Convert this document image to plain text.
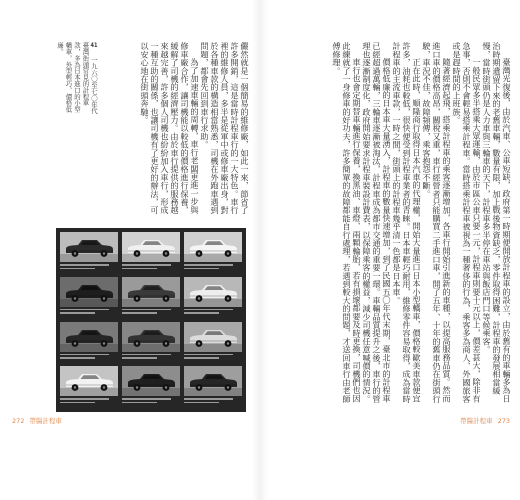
41 一九六〇至七〇年代臺灣街頭常見的計程車款，多為日本進口的小型轎車，外型輕巧，價格低廉。	儼然就是一個簡易的維修廠，如此一來，節省了許多開銷，這是當時計程車行的一大特色。車行裡的維修人員，多半是從軍中或修車廠出身，對於各種車款的構造相當熟悉，司機在外跑車遇到問題，都會先回到車行求助。

為了加速車輛的周轉，車行老闆更進一步與修車廠合作，讓司機能以較低的價格進行保養，緩解了司機的經濟壓力。由於車行提供的服務越來越完善，許多個人司機也紛紛加入車行，形成一種互助的關係，也讓司機有了更好的辦法，可以安心地在街頭奔馳。

272 帶醫計程車

臺灣光復後，由於汽車、公車短缺，政府第一時期便開放計程車的設立，由於舊有的車輛多為日治時期遺留下來的老舊車輛，數量有限，加上戰後物資缺乏，零件取得困難，計程車的發展相當緩慢，當時街頭仍是人力車與三輪車的天下，計程車多半停在車站與飯店門口等候乘客。

一般民眾多半搭乘大眾運輸，由於市區公車只要一元，計程車則要十元以上，價差甚大，除非有急事，否則不會輕易搭乘計程車。當時搭乘計程車被視為一種奢侈的行為，乘客多為商人、外國旅客或是趕時間的上班族。

隨著經濟起飛，搭乘計程車的乘客逐漸增加，各車行開始引進新的車種，以提高服務品質。然而進口車的價格高昂，關稅又重，車行經營者只能購買二手進口車，開了五年、十年的舊車仍在街頭行駛，車況不佳，故障頻傳，乘客抱怨不斷。

正在此時，順隆商行取得日本汽車的代理權，開始大量進口日本小型轎車，價格較歐美車款便宜許多，油耗也較低，很快便受到計程車業者的青睞。日本車輕巧耐用，維修零件容易取得，成為當時計程車的主流車款，一時之間，街頭上的計程車幾乎清一色都是日本車。

價格低廉的日本車大量湧入，計程車的數量快速增加，到了民國五〇年代末期，臺北市的計程車已經超過萬輛，三輪車逐漸被淘汰，計程車成為都市交通的重要一環。車輛品質提升之後，車行的管理也逐漸制度化，政府開始要求計程車裝設計費表，以保障乘客的權益，減少司機任意喊價的情況。

車行也會定期替車輛進行保養，換黑油、車燈、兩顆輪胎，若有損壞都要及時更換，司機們也因此練就了一身修車的好功夫，許多簡單的故障都能自行處理，若遇到較大的問題，才送回車行由老師傅修理。

帶醫計程車 273
